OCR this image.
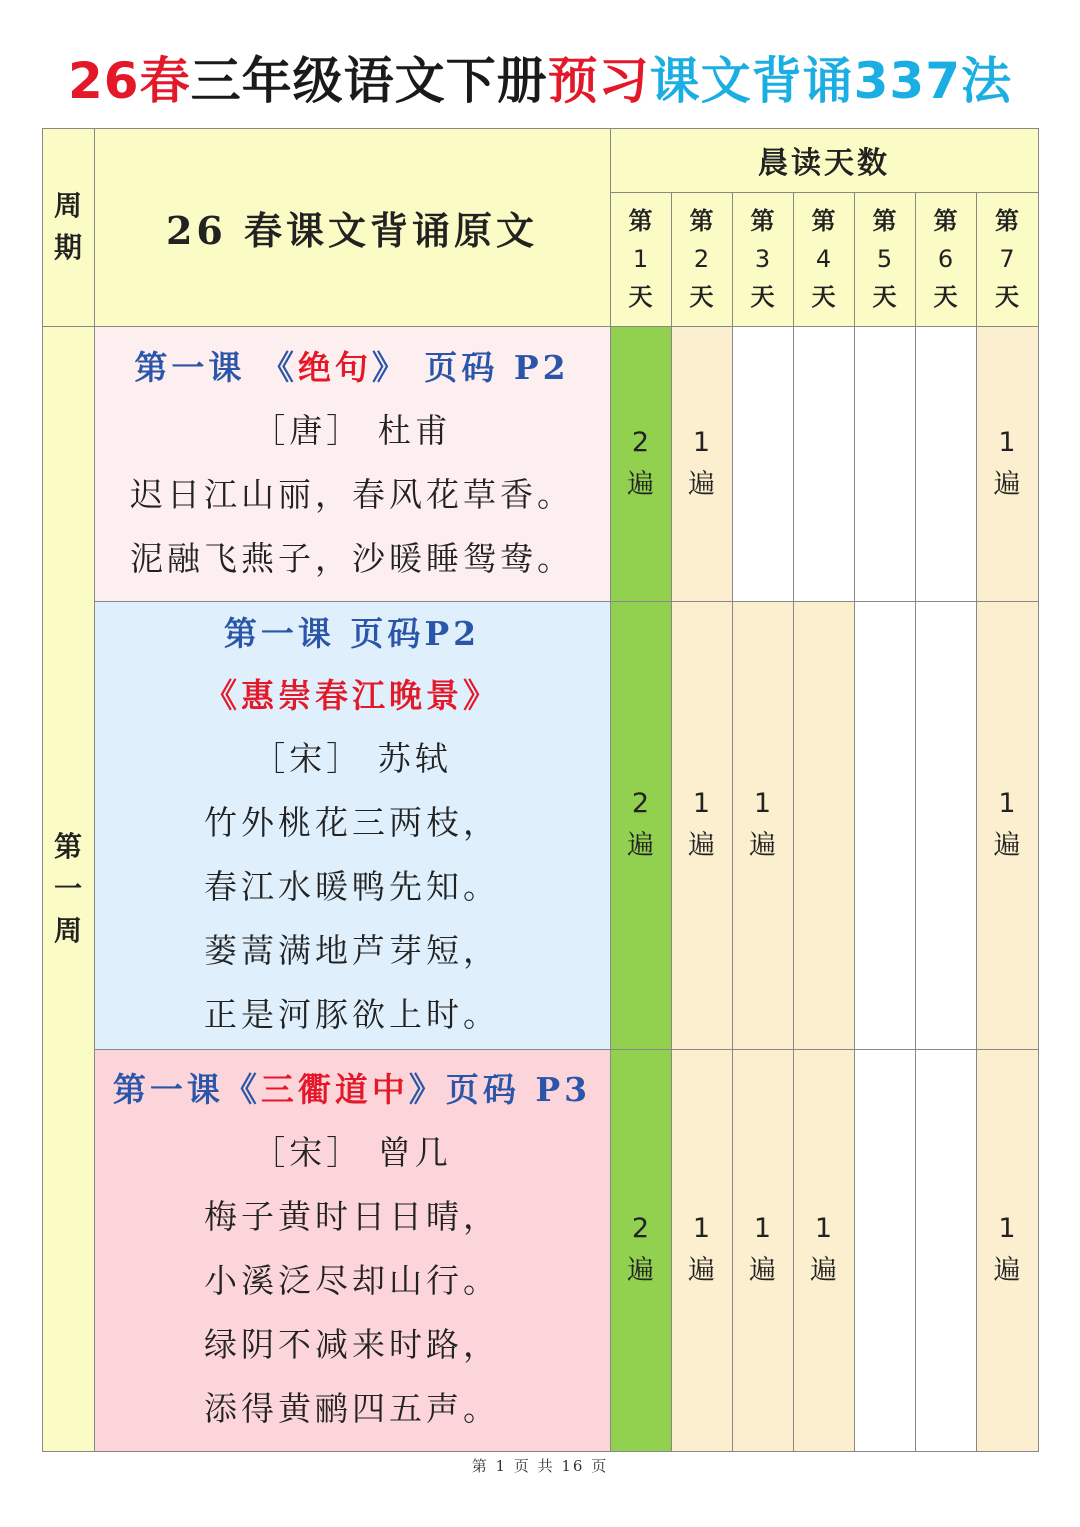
26春三年级语文下册预习课文背诵337法
周
期 26 春课文背诵原文
晨读天数
第
1
天
第
2
天
第
3
天
第
4
天
第
5
天
第
6
天
第
7
天
第
一
周
第一课 《绝句》 页码 P2
［唐］ 杜甫
迟日江山丽，春风花草香。
泥融飞燕子，沙暖睡鸳鸯。
2
遍
1
遍
1
遍
第一课 页码P2
《惠崇春江晚景》
［宋］ 苏轼
竹外桃花三两枝，
春江水暖鸭先知。
蒌蒿满地芦芽短，
正是河豚欲上时。
2
遍
1
遍
1
遍
1
遍
第一课《三衢道中》页码 P3
［宋］ 曾几
梅子黄时日日晴，
小溪泛尽却山行。
绿阴不减来时路，
添得黄鹂四五声。
2
遍
1
遍
1
遍
1
遍
1
遍
第 1 页 共 16 页
